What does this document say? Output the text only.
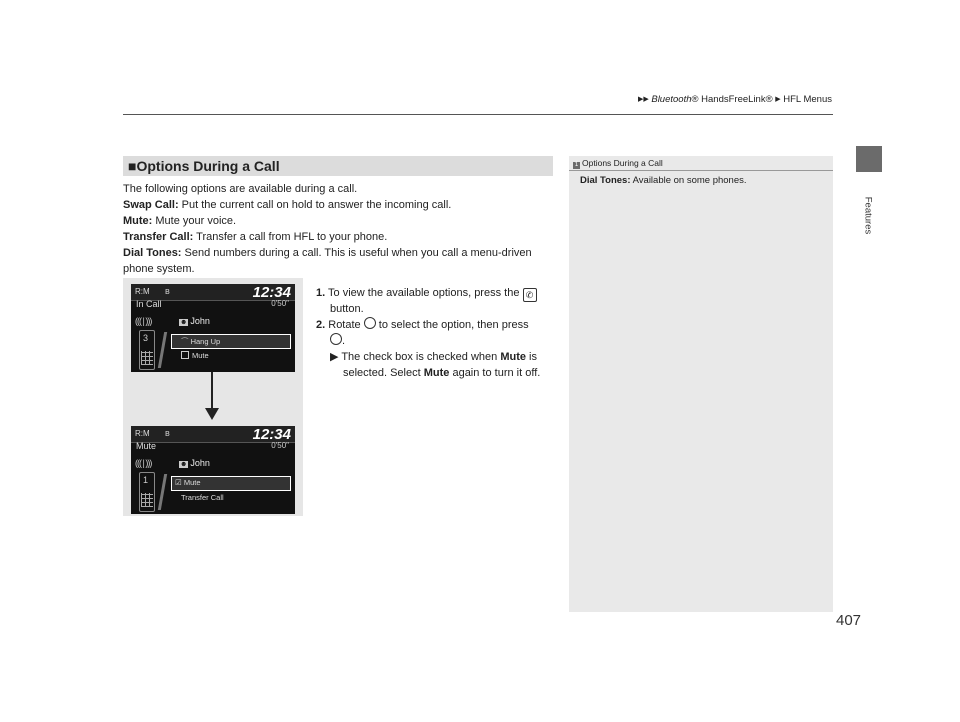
▶▶ Bluetooth® HandsFreeLink® ▶ HFL Menus
Features
■Options During a Call
The following options are available during a call.
Swap Call: Put the current call on hold to answer the incoming call.
Mute: Mute your voice.
Transfer Call: Transfer a call from HFL to your phone.
Dial Tones: Send numbers during a call. This is useful when you call a menu-driven
phone system.
1. To view the available options, press the ✆
button.
2. Rotate to select the option, then press
.
▶ The check box is checked when Mute is
selected. Select Mute again to turn it off.
R:M ʙ	12:34
In Call	0'50"
((( | )))	☻ John
3	⌒ Hang Up
Mute
R:M ʙ	12:34
Mute	0'50"
((( | )))	☻ John
1	☑ Mute
Transfer Call
1 Options During a Call
Dial Tones: Available on some phones.
407
